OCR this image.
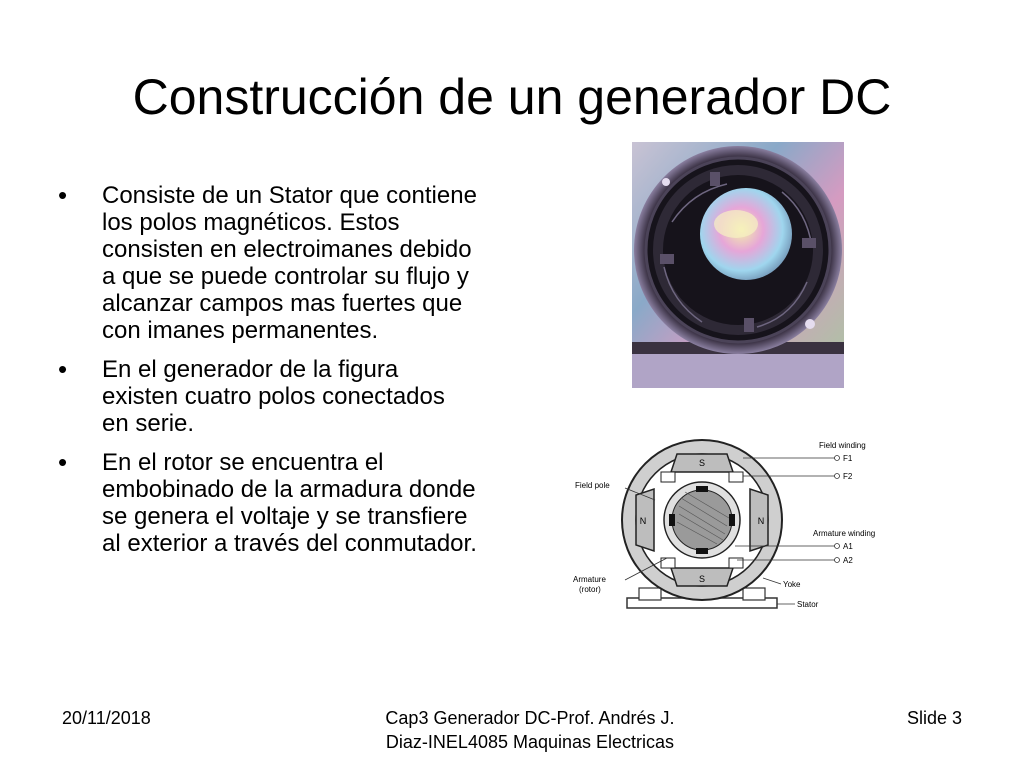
Construcción de un generador DC
• Consiste de un Stator que contiene los polos magnéticos. Estos consisten en electroimanes debido a que se puede controlar su flujo y alcanzar campos mas fuertes que con imanes permanentes.
• En el generador de la figura existen cuatro polos conectados en serie.
• En el rotor se encuentra el embobinado de la armadura donde se genera el voltaje y se transfiere al exterior a través del conmutador.
S
S
N	N
Field winding
F1
F2
Field pole
Armature winding
A1
A2
Armature
(rotor)
Yoke
Stator
20/11/2018	Cap3 Generador DC-Prof. Andrés J.
Diaz-INEL4085 Maquinas Electricas
Slide 3
